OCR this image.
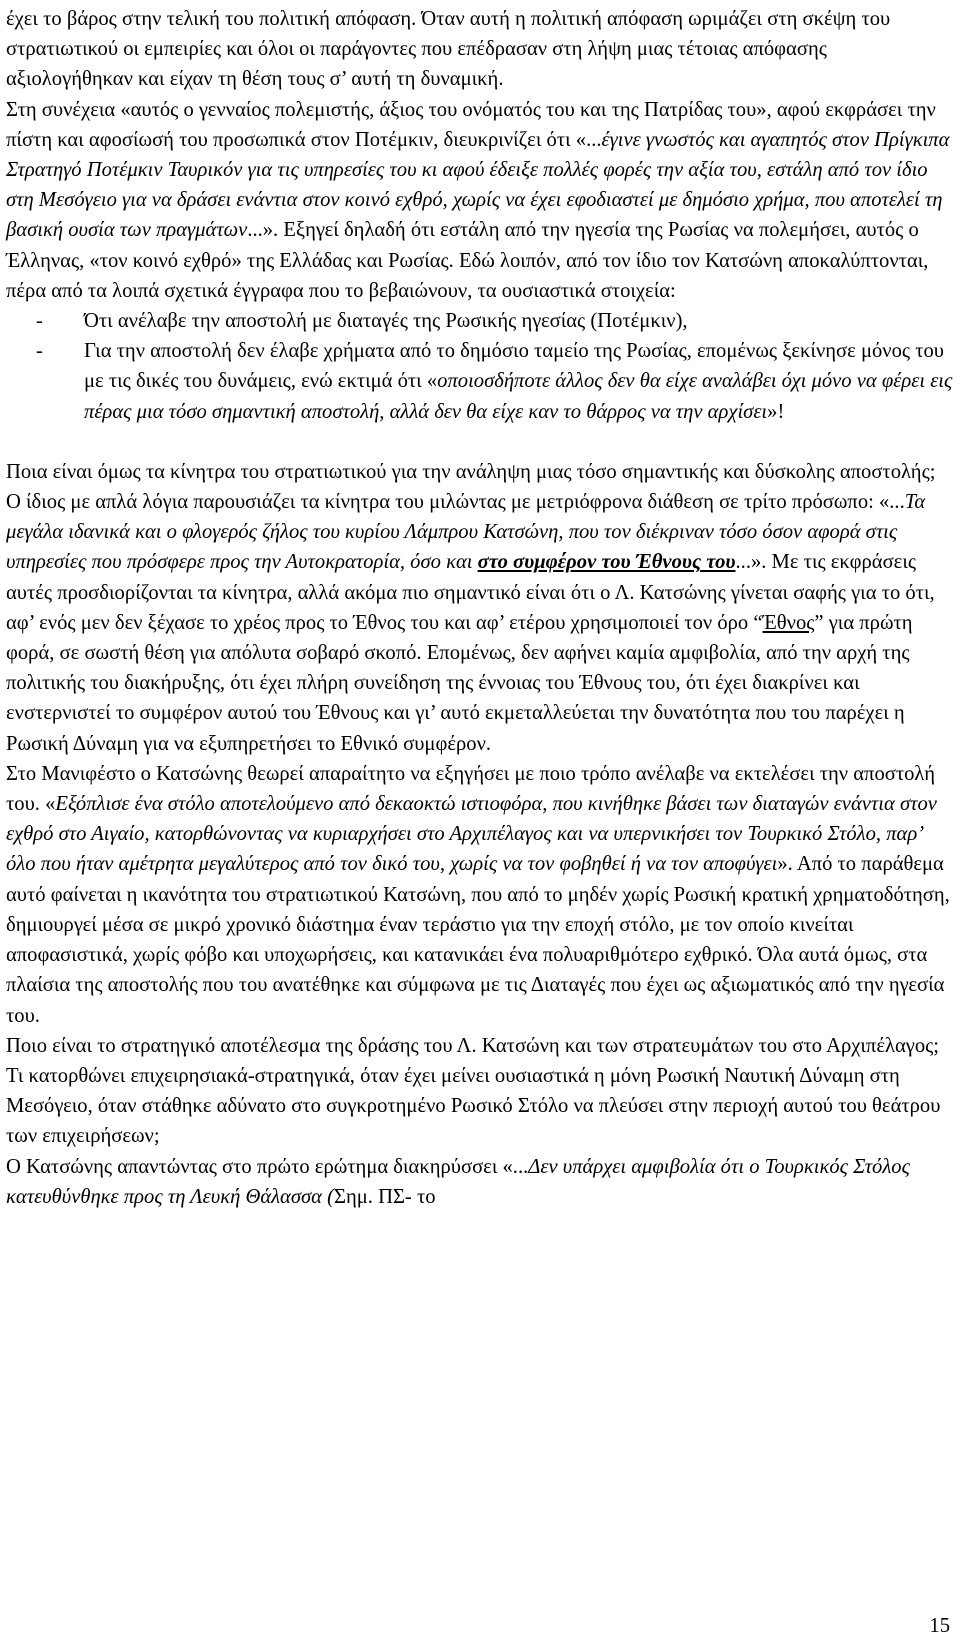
έχει το βάρος στην τελική του πολιτική απόφαση. Όταν αυτή η πολιτική απόφαση ωριμάζει στη σκέψη του στρατιωτικού οι εμπειρίες και όλοι οι παράγοντες που επέδρασαν στη λήψη μιας τέτοιας απόφασης αξιολογήθηκαν και είχαν τη θέση τους σ’ αυτή τη δυναμική.

Στη συνέχεια «αυτός ο γενναίος πολεμιστής, άξιος του ονόματός του και της Πατρίδας του», αφού εκφράσει την πίστη και αφοσίωσή του προσωπικά στον Ποτέμκιν, διευκρινίζει ότι «...έγινε γνωστός και αγαπητός στον Πρίγκιπα Στρατηγό Ποτέμκιν Ταυρικόν για τις υπηρεσίες του κι αφού έδειξε πολλές φορές την αξία του, εστάλη από τον ίδιο στη Μεσόγειο για να δράσει ενάντια στον κοινό εχθρό, χωρίς να έχει εφοδιαστεί με δημόσιο χρήμα, που αποτελεί τη βασική ουσία των πραγμάτων...». Εξηγεί δηλαδή ότι εστάλη από την ηγεσία της Ρωσίας να πολεμήσει, αυτός ο Έλληνας, «τον κοινό εχθρό» της Ελλάδας και Ρωσίας. Εδώ λοιπόν, από τον ίδιο τον Κατσώνη αποκαλύπτονται, πέρα από τα λοιπά σχετικά έγγραφα που το βεβαιώνουν, τα ουσιαστικά στοιχεία:

-	Ότι ανέλαβε την αποστολή με διαταγές της Ρωσικής ηγεσίας (Ποτέμκιν),
-	Για την αποστολή δεν έλαβε χρήματα από το δημόσιο ταμείο της Ρωσίας, επομένως ξεκίνησε μόνος του με τις δικές του δυνάμεις, ενώ εκτιμά ότι «οποιοσδήποτε άλλος δεν θα είχε αναλάβει όχι μόνο να φέρει εις πέρας μια τόσο σημαντική αποστολή, αλλά δεν θα είχε καν το θάρρος να την αρχίσει»!

Ποια είναι όμως τα κίνητρα του στρατιωτικού για την ανάληψη μιας τόσο σημαντικής και δύσκολης αποστολής; Ο ίδιος με απλά λόγια παρουσιάζει τα κίνητρα του μιλώντας με μετριόφρονα διάθεση σε τρίτο πρόσωπο: «...Τα μεγάλα ιδανικά και ο φλογερός ζήλος του κυρίου Λάμπρου Κατσώνη, που τον διέκριναν τόσο όσον αφορά στις υπηρεσίες που πρόσφερε προς την Αυτοκρατορία, όσο και στο συμφέρον του Έθνους του...». Με τις εκφράσεις αυτές προσδιορίζονται τα κίνητρα, αλλά ακόμα πιο σημαντικό είναι ότι ο Λ. Κατσώνης γίνεται σαφής για το ότι, αφ’ ενός μεν δεν ξέχασε το χρέος προς το Έθνος του και αφ’ ετέρου χρησιμοποιεί τον όρο “Έθνος” για πρώτη φορά, σε σωστή θέση για απόλυτα σοβαρό σκοπό. Επομένως, δεν αφήνει καμία αμφιβολία, από την αρχή της πολιτικής του διακήρυξης, ότι έχει πλήρη συνείδηση της έννοιας του Έθνους του, ότι έχει διακρίνει και ενστερνιστεί το συμφέρον αυτού του Έθνους και γι’ αυτό εκμεταλλεύεται την δυνατότητα που του παρέχει η Ρωσική Δύναμη για να εξυπηρετήσει το Εθνικό συμφέρον.

Στο Μανιφέστο ο Κατσώνης θεωρεί απαραίτητο να εξηγήσει με ποιο τρόπο ανέλαβε να εκτελέσει την αποστολή του. «Εξόπλισε ένα στόλο αποτελούμενο από δεκαοκτώ ιστιοφόρα, που κινήθηκε βάσει των διαταγών ενάντια στον εχθρό στο Αιγαίο, κατορθώνοντας να κυριαρχήσει στο Αρχιπέλαγος και να υπερνικήσει τον Τουρκικό Στόλο, παρ’ όλο που ήταν αμέτρητα μεγαλύτερος από τον δικό του, χωρίς να τον φοβηθεί ή να τον αποφύγει». Από το παράθεμα αυτό φαίνεται η ικανότητα του στρατιωτικού Κατσώνη, που από το μηδέν χωρίς Ρωσική κρατική χρηματοδότηση, δημιουργεί μέσα σε μικρό χρονικό διάστημα έναν τεράστιο για την εποχή στόλο, με τον οποίο κινείται αποφασιστικά, χωρίς φόβο και υποχωρήσεις, και κατανικάει ένα πολυαριθμότερο εχθρικό. Όλα αυτά όμως, στα πλαίσια της αποστολής που του ανατέθηκε και σύμφωνα με τις Διαταγές που έχει ως αξιωματικός από την ηγεσία του.

Ποιο είναι το στρατηγικό αποτέλεσμα της δράσης του Λ. Κατσώνη και των στρατευμάτων του στο Αρχιπέλαγος; Τι κατορθώνει επιχειρησιακά-στρατηγικά, όταν έχει μείνει ουσιαστικά η μόνη Ρωσική Ναυτική Δύναμη στη Μεσόγειο, όταν στάθηκε αδύνατο στο συγκροτημένο Ρωσικό Στόλο να πλεύσει στην περιοχή αυτού του θεάτρου των επιχειρήσεων;

Ο Κατσώνης απαντώντας στο πρώτο ερώτημα διακηρύσσει «...Δεν υπάρχει αμφιβολία ότι ο Τουρκικός Στόλος κατευθύνθηκε προς τη Λευκή Θάλασσα (Σημ. ΠΣ- το

15
